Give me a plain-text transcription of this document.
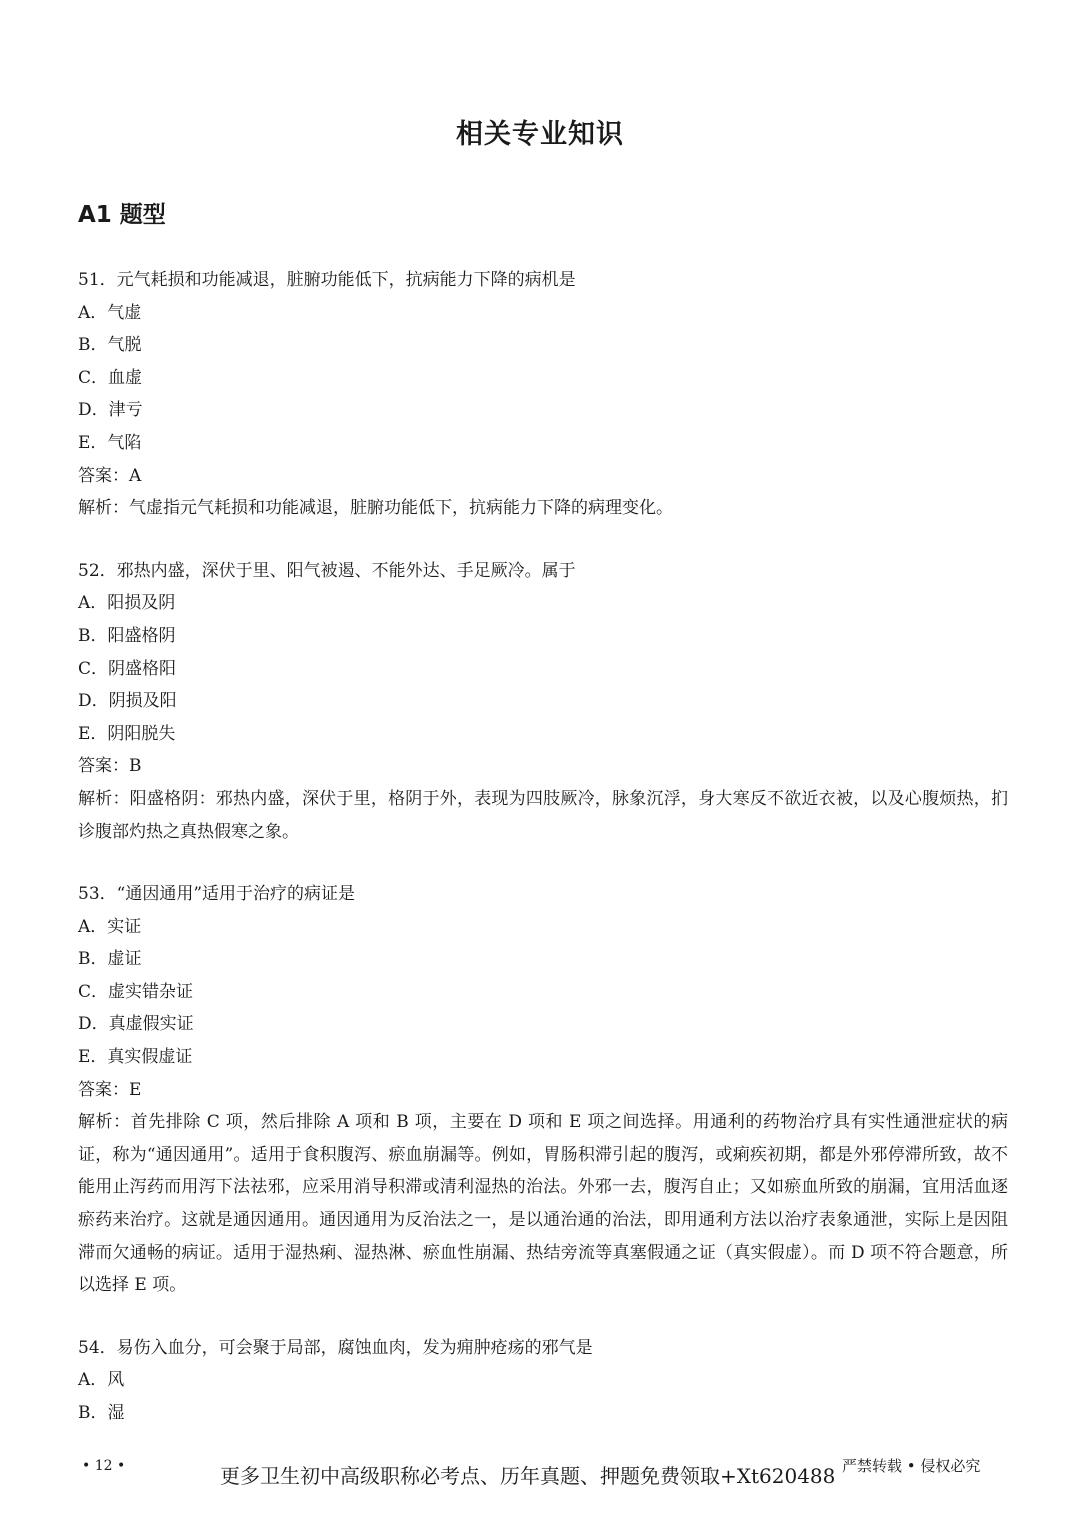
相关专业知识
A1 题型
51．元气耗损和功能减退，脏腑功能低下，抗病能力下降的病机是
A．气虚
B．气脱
C．血虚
D．津亏
E．气陷
答案：A
解析：气虚指元气耗损和功能减退，脏腑功能低下，抗病能力下降的病理变化。
52．邪热内盛，深伏于里、阳气被遏、不能外达、手足厥冷。属于
A．阳损及阴
B．阳盛格阴
C．阴盛格阳
D．阴损及阳
E．阴阳脱失
答案：B
解析：阳盛格阴：邪热内盛，深伏于里，格阴于外，表现为四肢厥冷，脉象沉浮，身大寒反不欲近衣被，以及心腹烦热，扪诊腹部灼热之真热假寒之象。
53．“通因通用”适用于治疗的病证是
A．实证
B．虚证
C．虚实错杂证
D．真虚假实证
E．真实假虚证
答案：E
解析：首先排除 C 项，然后排除 A 项和 B 项，主要在 D 项和 E 项之间选择。用通利的药物治疗具有实性通泄症状的病证，称为“通因通用”。适用于食积腹泻、瘀血崩漏等。例如，胃肠积滞引起的腹泻，或痢疾初期，都是外邪停滞所致，故不能用止泻药而用泻下法祛邪，应采用消导积滞或清利湿热的治法。外邪一去，腹泻自止；又如瘀血所致的崩漏，宜用活血逐瘀药来治疗。这就是通因通用。通因通用为反治法之一，是以通治通的治法，即用通利方法以治疗表象通泄，实际上是因阻滞而欠通畅的病证。适用于湿热痢、湿热淋、瘀血性崩漏、热结旁流等真塞假通之证（真实假虚）。而 D 项不符合题意，所以选择 E 项。
54．易伤入血分，可会聚于局部，腐蚀血肉，发为痈肿疮疡的邪气是
A．风
B．湿
• 12 •	更多卫生初中高级职称必考点、历年真题、押题免费领取+Xt620488 严禁转载 • 侵权必究
